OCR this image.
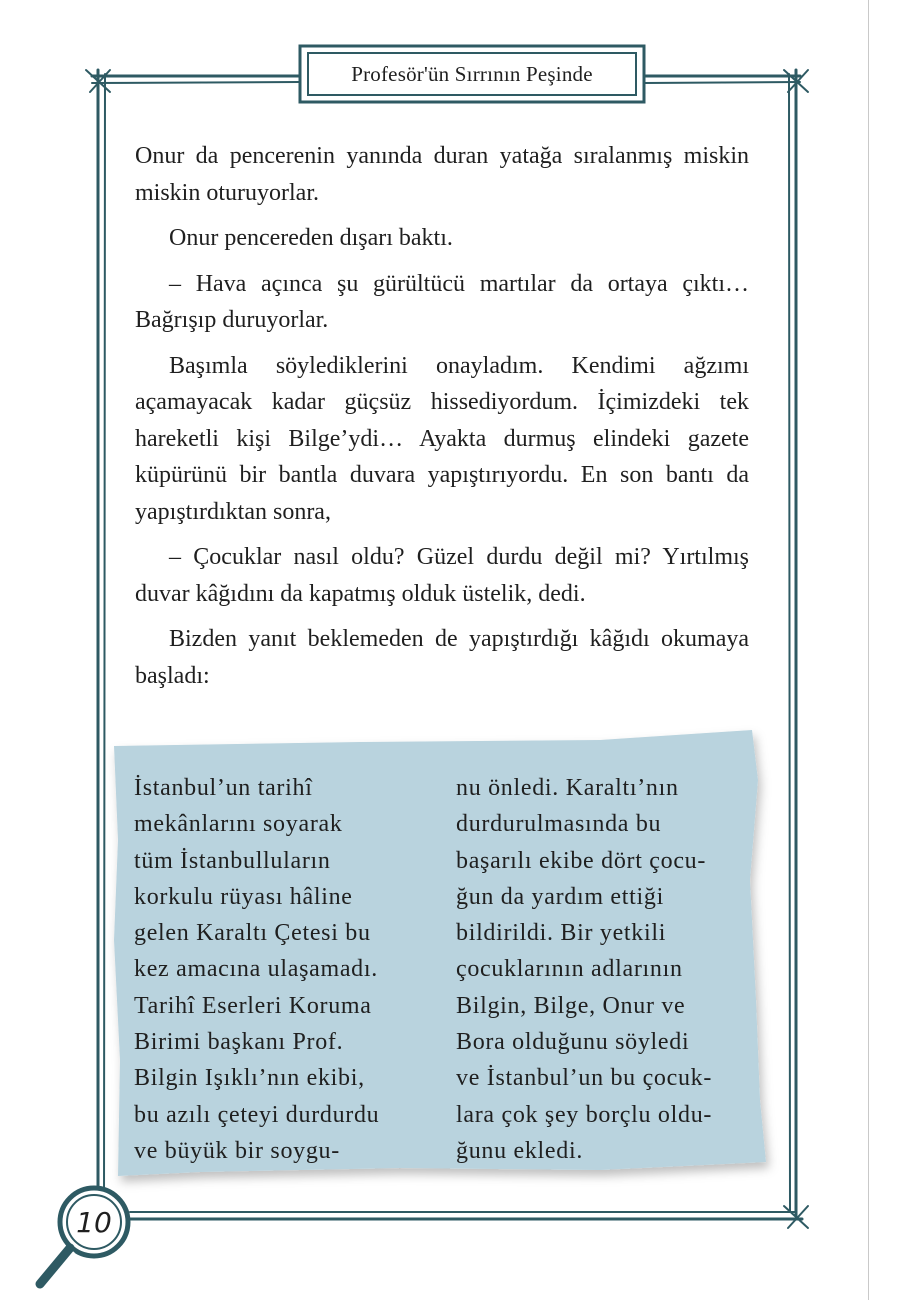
Profesör'ün Sırrının Peşinde

Onur da pencerenin yanında duran yatağa sıralanmış miskin miskin oturuyorlar.

Onur pencereden dışarı baktı.

– Hava açınca şu gürültücü martılar da ortaya çıktı… Bağrışıp duruyorlar.

Başımla söylediklerini onayladım. Kendimi ağzımı açamayacak kadar güçsüz hissediyordum. İçimizdeki tek hareketli kişi Bilge’ydi… Ayakta durmuş elindeki gazete küpürünü bir bantla duvara yapıştırıyordu. En son bantı da yapıştırdıktan sonra,

– Çocuklar nasıl oldu? Güzel durdu değil mi? Yırtılmış duvar kâğıdını da kapatmış olduk üstelik, dedi.

Bizden yanıt beklemeden de yapıştırdığı kâğıdı okumaya başladı:

İstanbul’un tarihî
mekânlarını soyarak
tüm İstanbulluların
korkulu rüyası hâline
gelen Karaltı Çetesi bu
kez amacına ulaşamadı.
Tarihî Eserleri Koruma
Birimi başkanı Prof.
Bilgin Işıklı’nın ekibi,
bu azılı çeteyi durdurdu
ve büyük bir soygu-
nu önledi. Karaltı’nın
durdurulmasında bu
başarılı ekibe dört çocu-
ğun da yardım ettiği
bildirildi. Bir yetkili
çocuklarının adlarının
Bilgin, Bilge, Onur ve
Bora olduğunu söyledi
ve İstanbul’un bu çocuk-
lara çok şey borçlu oldu-
ğunu ekledi.
10
